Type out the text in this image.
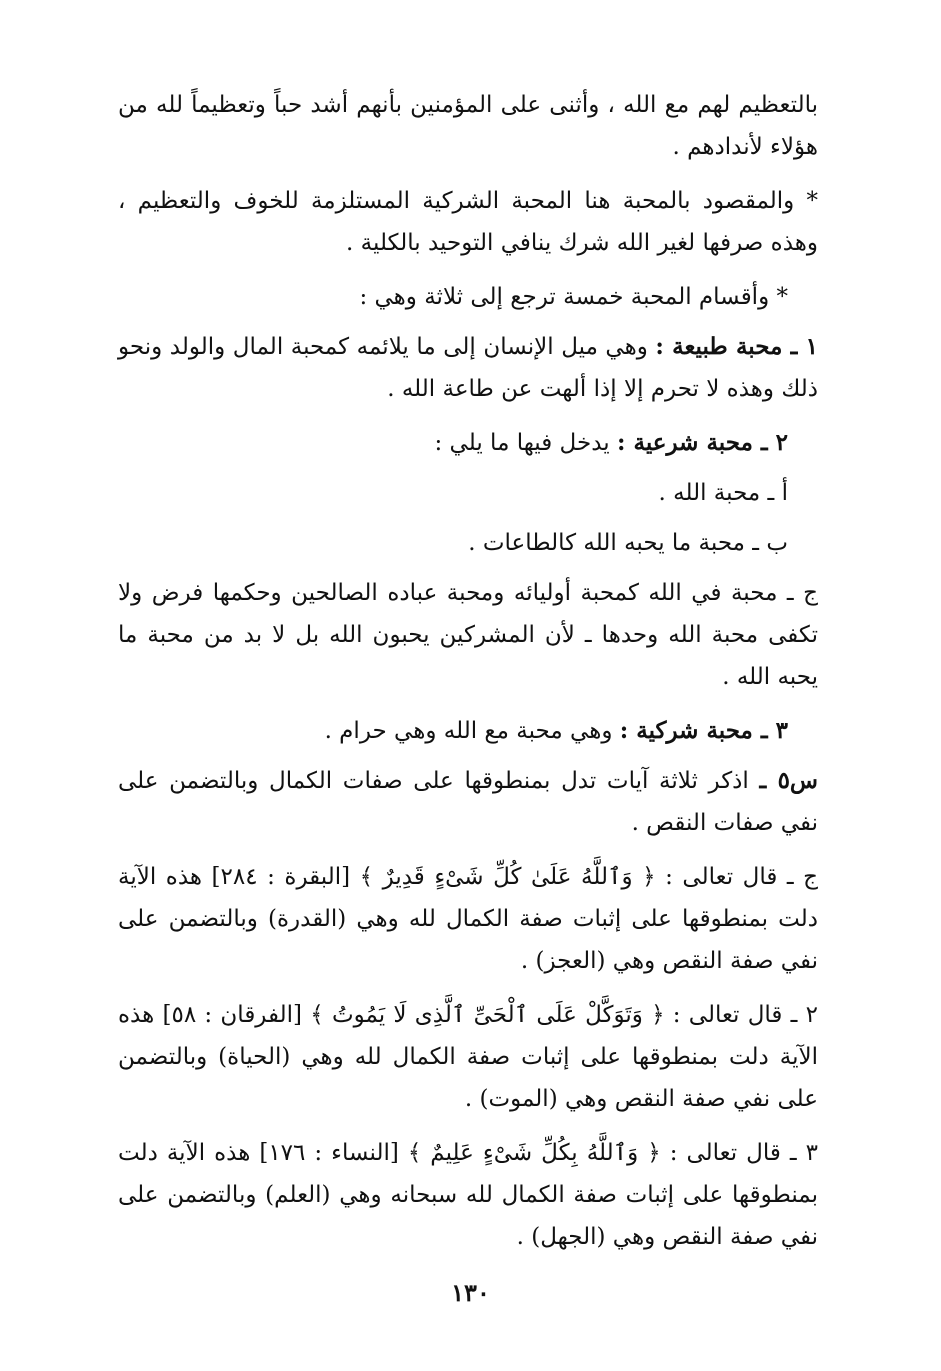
بالتعظيم لهم مع الله ، وأثنى على المؤمنين بأنهم أشد حباً وتعظيماً لله من هؤلاء لأندادهم .

* والمقصود بالمحبة هنا المحبة الشركية المستلزمة للخوف والتعظيم ، وهذه صرفها لغير الله شرك ينافي التوحيد بالكلية .

* وأقسام المحبة خمسة ترجع إلى ثلاثة وهي :

١ ـ محبة طبيعة : وهي ميل الإنسان إلى ما يلائمه كمحبة المال والولد ونحو ذلك وهذه لا تحرم إلا إذا ألهت عن طاعة الله .

٢ ـ محبة شرعية : يدخل فيها ما يلي :

أ ـ محبة الله .

ب ـ محبة ما يحبه الله كالطاعات .

ج ـ محبة في الله كمحبة أوليائه ومحبة عباده الصالحين وحكمها فرض ولا تكفى محبة الله وحدها ـ لأن المشركين يحبون الله بل لا بد من محبة ما يحبه الله .

٣ ـ محبة شركية : وهي محبة مع الله وهي حرام .

س٥ ـ اذكر ثلاثة آيات تدل بمنطوقها على صفات الكمال وبالتضمن على نفي صفات النقص .

ج ـ قال تعالى : ﴿ وَٱللَّهُ عَلَىٰ كُلِّ شَىْءٍ قَدِيرٌ ﴾ [البقرة : ٢٨٤] هذه الآية دلت بمنطوقها على إثبات صفة الكمال لله وهي (القدرة) وبالتضمن على نفي صفة النقص وهي (العجز) .

٢ ـ قال تعالى : ﴿ وَتَوَكَّلْ عَلَى ٱلْحَىِّ ٱلَّذِى لَا يَمُوتُ ﴾ [الفرقان : ٥٨] هذه الآية دلت بمنطوقها على إثبات صفة الكمال لله وهي (الحياة) وبالتضمن على نفي صفة النقص وهي (الموت) .

٣ ـ قال تعالى : ﴿ وَٱللَّهُ بِكُلِّ شَىْءٍ عَلِيمٌ ﴾ [النساء : ١٧٦] هذه الآية دلت بمنطوقها على إثبات صفة الكمال لله سبحانه وهي (العلم) وبالتضمن على نفي صفة النقص وهي (الجهل) .

١٣٠
